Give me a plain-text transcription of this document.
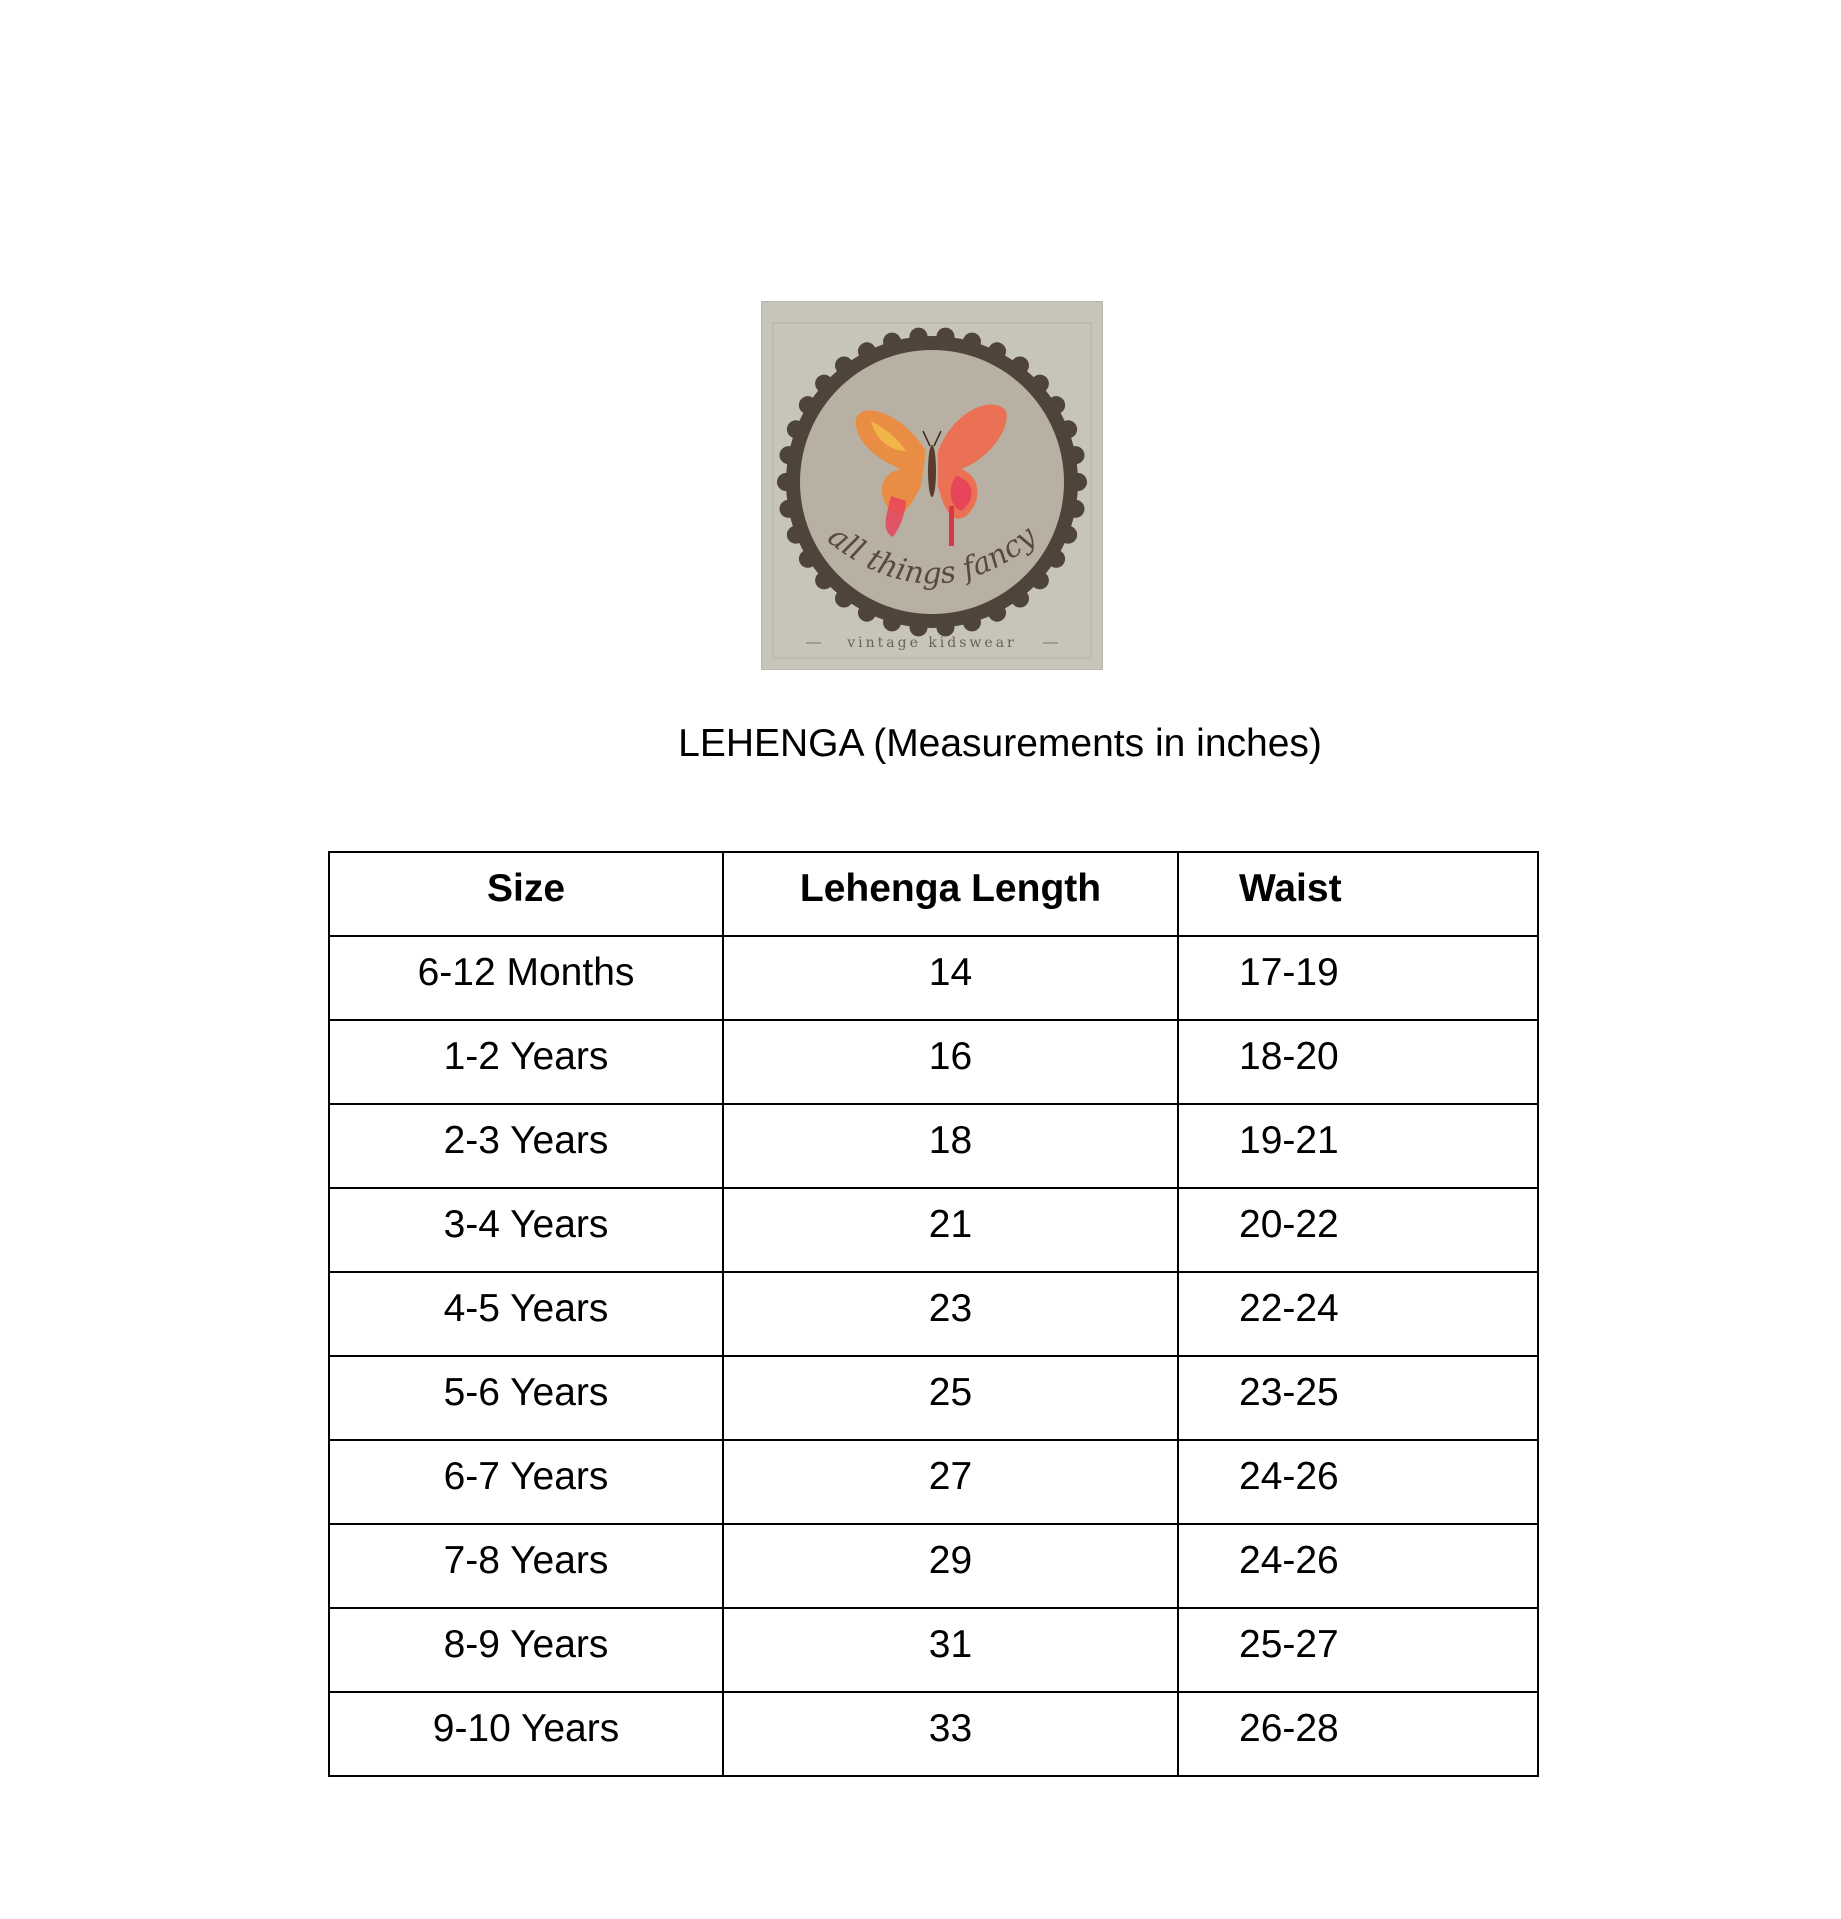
all things fancy
vintage kidswear
LEHENGA (Measurements in inches)
Size	Lehenga Length	Waist
6-12 Months	14	17-19
1-2 Years	16	18-20
2-3 Years	18	19-21
3-4 Years	21	20-22
4-5 Years	23	22-24
5-6 Years	25	23-25
6-7 Years	27	24-26
7-8 Years	29	24-26
8-9 Years	31	25-27
9-10 Years	33	26-28
